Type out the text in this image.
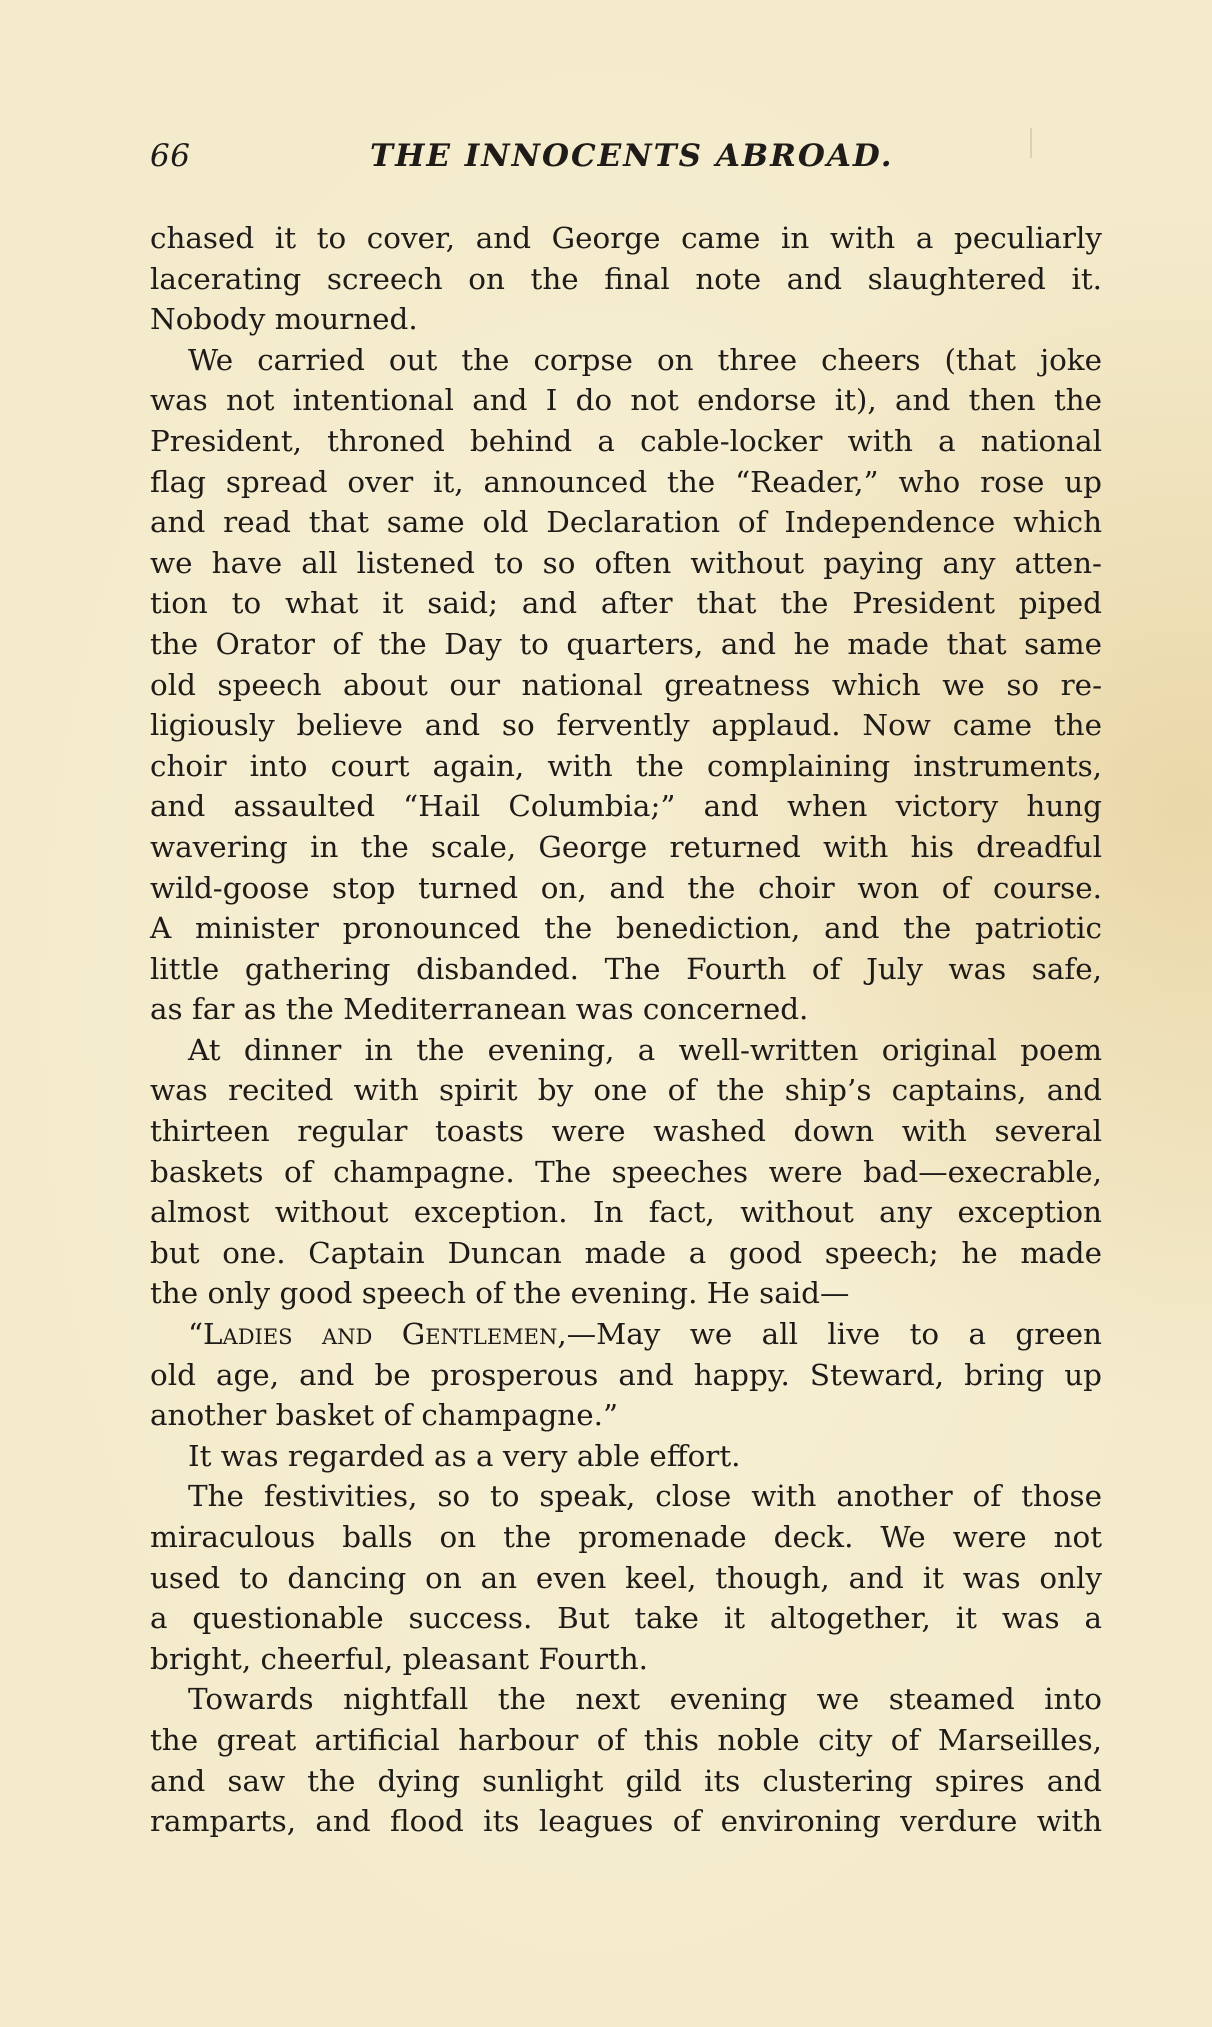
66	THE INNOCENTS ABROAD.
chased it to cover, and George came in with a peculiarly
lacerating screech on the final note and slaughtered it.
Nobody mourned.
We carried out the corpse on three cheers (that joke
was not intentional and I do not endorse it), and then the
President, throned behind a cable-locker with a national
flag spread over it, announced the “Reader,” who rose up
and read that same old Declaration of Independence which
we have all listened to so often without paying any atten-
tion to what it said; and after that the President piped
the Orator of the Day to quarters, and he made that same
old speech about our national greatness which we so re-
ligiously believe and so fervently applaud. Now came the
choir into court again, with the complaining instruments,
and assaulted “Hail Columbia;” and when victory hung
wavering in the scale, George returned with his dreadful
wild-goose stop turned on, and the choir won of course.
A minister pronounced the benediction, and the patriotic
little gathering disbanded. The Fourth of July was safe,
as far as the Mediterranean was concerned.
At dinner in the evening, a well-written original poem
was recited with spirit by one of the ship’s captains, and
thirteen regular toasts were washed down with several
baskets of champagne. The speeches were bad—execrable,
almost without exception. In fact, without any exception
but one. Captain Duncan made a good speech; he made
the only good speech of the evening. He said—
“Ladies and Gentlemen,—May we all live to a green
old age, and be prosperous and happy. Steward, bring up
another basket of champagne.”
It was regarded as a very able effort.
The festivities, so to speak, close with another of those
miraculous balls on the promenade deck. We were not
used to dancing on an even keel, though, and it was only
a questionable success. But take it altogether, it was a
bright, cheerful, pleasant Fourth.
Towards nightfall the next evening we steamed into
the great artificial harbour of this noble city of Marseilles,
and saw the dying sunlight gild its clustering spires and
ramparts, and flood its leagues of environing verdure with
